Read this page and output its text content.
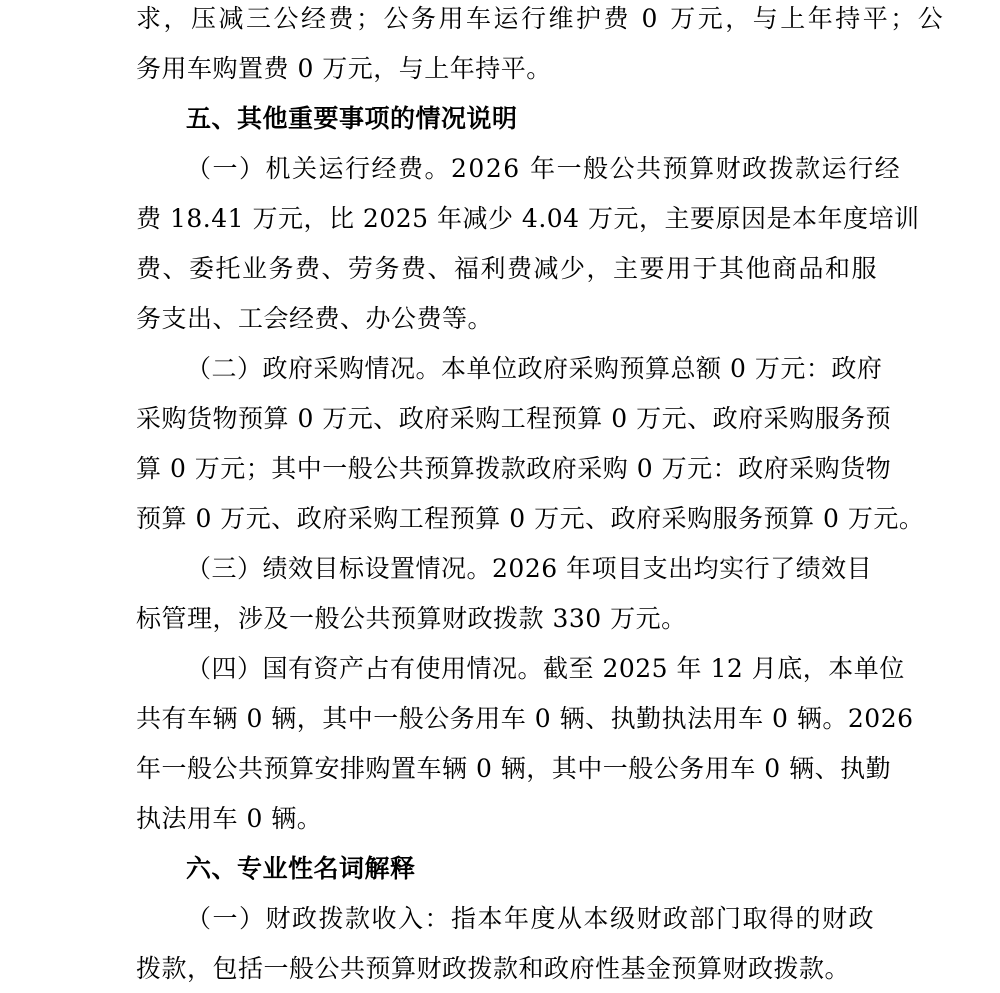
求，压减三公经费；公务用车运行维护费 0 万元，与上年持平；公
务用车购置费 0 万元，与上年持平。
五、其他重要事项的情况说明
（一）机关运行经费。2026 年一般公共预算财政拨款运行经
费 18.41 万元，比 2025 年减少 4.04 万元，主要原因是本年度培训
费、委托业务费、劳务费、福利费减少，主要用于其他商品和服
务支出、工会经费、办公费等。
（二）政府采购情况。本单位政府采购预算总额 0 万元：政府
采购货物预算 0 万元、政府采购工程预算 0 万元、政府采购服务预
算 0 万元；其中一般公共预算拨款政府采购 0 万元：政府采购货物
预算 0 万元、政府采购工程预算 0 万元、政府采购服务预算 0 万元。
（三）绩效目标设置情况。2026 年项目支出均实行了绩效目
标管理，涉及一般公共预算财政拨款 330 万元。
（四）国有资产占有使用情况。截至 2025 年 12 月底，本单位
共有车辆 0 辆，其中一般公务用车 0 辆、执勤执法用车 0 辆。2026
年一般公共预算安排购置车辆 0 辆，其中一般公务用车 0 辆、执勤
执法用车 0 辆。
六、专业性名词解释
（一）财政拨款收入：指本年度从本级财政部门取得的财政
拨款，包括一般公共预算财政拨款和政府性基金预算财政拨款。
